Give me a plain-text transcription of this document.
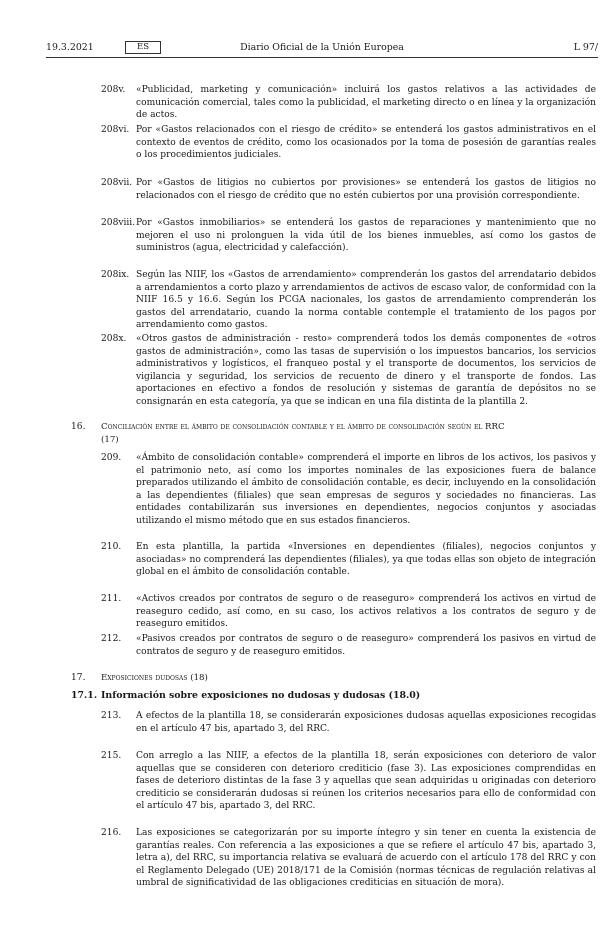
19.3.2021	ES	Diario Oficial de la Unión Europea	L 97/
208v. «Publicidad, marketing y comunicación» incluirá los gastos relativos a las actividades de comunicación comercial, tales como la publicidad, el marketing directo o en línea y la organización de actos.
208vi. Por «Gastos relacionados con el riesgo de crédito» se entenderá los gastos administrativos en el contexto de eventos de crédito, como los ocasionados por la toma de posesión de garantías reales o los procedimientos judiciales.
208vii. Por «Gastos de litigios no cubiertos por provisiones» se entenderá los gastos de litigios no relacionados con el riesgo de crédito que no estén cubiertos por una provisión correspondiente.
208viii. Por «Gastos inmobiliarios» se entenderá los gastos de reparaciones y mantenimiento que no mejoren el uso ni prolonguen la vida útil de los bienes inmuebles, así como los gastos de suministros (agua, electricidad y calefacción).
208ix. Según las NIIF, los «Gastos de arrendamiento» comprenderán los gastos del arrendatario debidos a arrendamientos a corto plazo y arrendamientos de activos de escaso valor, de conformidad con la NIIF 16.5 y 16.6. Según los PCGA nacionales, los gastos de arrendamiento comprenderán los gastos del arrendatario, cuando la norma contable contemple el tratamiento de los pagos por arrendamiento como gastos.
208x. «Otros gastos de administración - resto» comprenderá todos los demás componentes de «otros gastos de administración», como las tasas de supervisión o los impuestos bancarios, los servicios administrativos y logísticos, el franqueo postal y el transporte de documentos, los servicios de vigilancia y seguridad, los servicios de recuento de dinero y el transporte de fondos. Las aportaciones en efectivo a fondos de resolución y sistemas de garantía de depósitos no se consignarán en esta categoría, ya que se indican en una fila distinta de la plantilla 2.
16. Conciliación entre el ámbito de consolidación contable y el ámbito de consolidación según el RRC
(17)
209. «Ámbito de consolidación contable» comprenderá el importe en libros de los activos, los pasivos y el patrimonio neto, así como los importes nominales de las exposiciones fuera de balance preparados utilizando el ámbito de consolidación contable, es decir, incluyendo en la consolidación a las dependientes (filiales) que sean empresas de seguros y sociedades no financieras. Las entidades contabilizarán sus inversiones en dependientes, negocios conjuntos y asociadas utilizando el mismo método que en sus estados financieros.
210. En esta plantilla, la partida «Inversiones en dependientes (filiales), negocios conjuntos y asociadas» no comprenderá las dependientes (filiales), ya que todas ellas son objeto de integración global en el ámbito de consolidación contable.
211. «Activos creados por contratos de seguro o de reaseguro» comprenderá los activos en virtud de reaseguro cedido, así como, en su caso, los activos relativos a los contratos de seguro y de reaseguro emitidos.
212. «Pasivos creados por contratos de seguro o de reaseguro» comprenderá los pasivos en virtud de contratos de seguro y de reaseguro emitidos.
17. Exposiciones dudosas (18)
17.1. Información sobre exposiciones no dudosas y dudosas (18.0)
213. A efectos de la plantilla 18, se considerarán exposiciones dudosas aquellas exposiciones recogidas en el artículo 47 bis, apartado 3, del RRC.
215. Con arreglo a las NIIF, a efectos de la plantilla 18, serán exposiciones con deterioro de valor aquellas que se consideren con deterioro crediticio (fase 3). Las exposiciones comprendidas en fases de deterioro distintas de la fase 3 y aquellas que sean adquiridas u originadas con deterioro crediticio se considerarán dudosas si reúnen los criterios necesarios para ello de conformidad con el artículo 47 bis, apartado 3, del RRC.
216. Las exposiciones se categorizarán por su importe íntegro y sin tener en cuenta la existencia de garantías reales. Con referencia a las exposiciones a que se refiere el artículo 47 bis, apartado 3, letra a), del RRC, su importancia relativa se evaluará de acuerdo con el artículo 178 del RRC y con el Reglamento Delegado (UE) 2018/171 de la Comisión (normas técnicas de regulación relativas al umbral de significatividad de las obligaciones crediticias en situación de mora).
